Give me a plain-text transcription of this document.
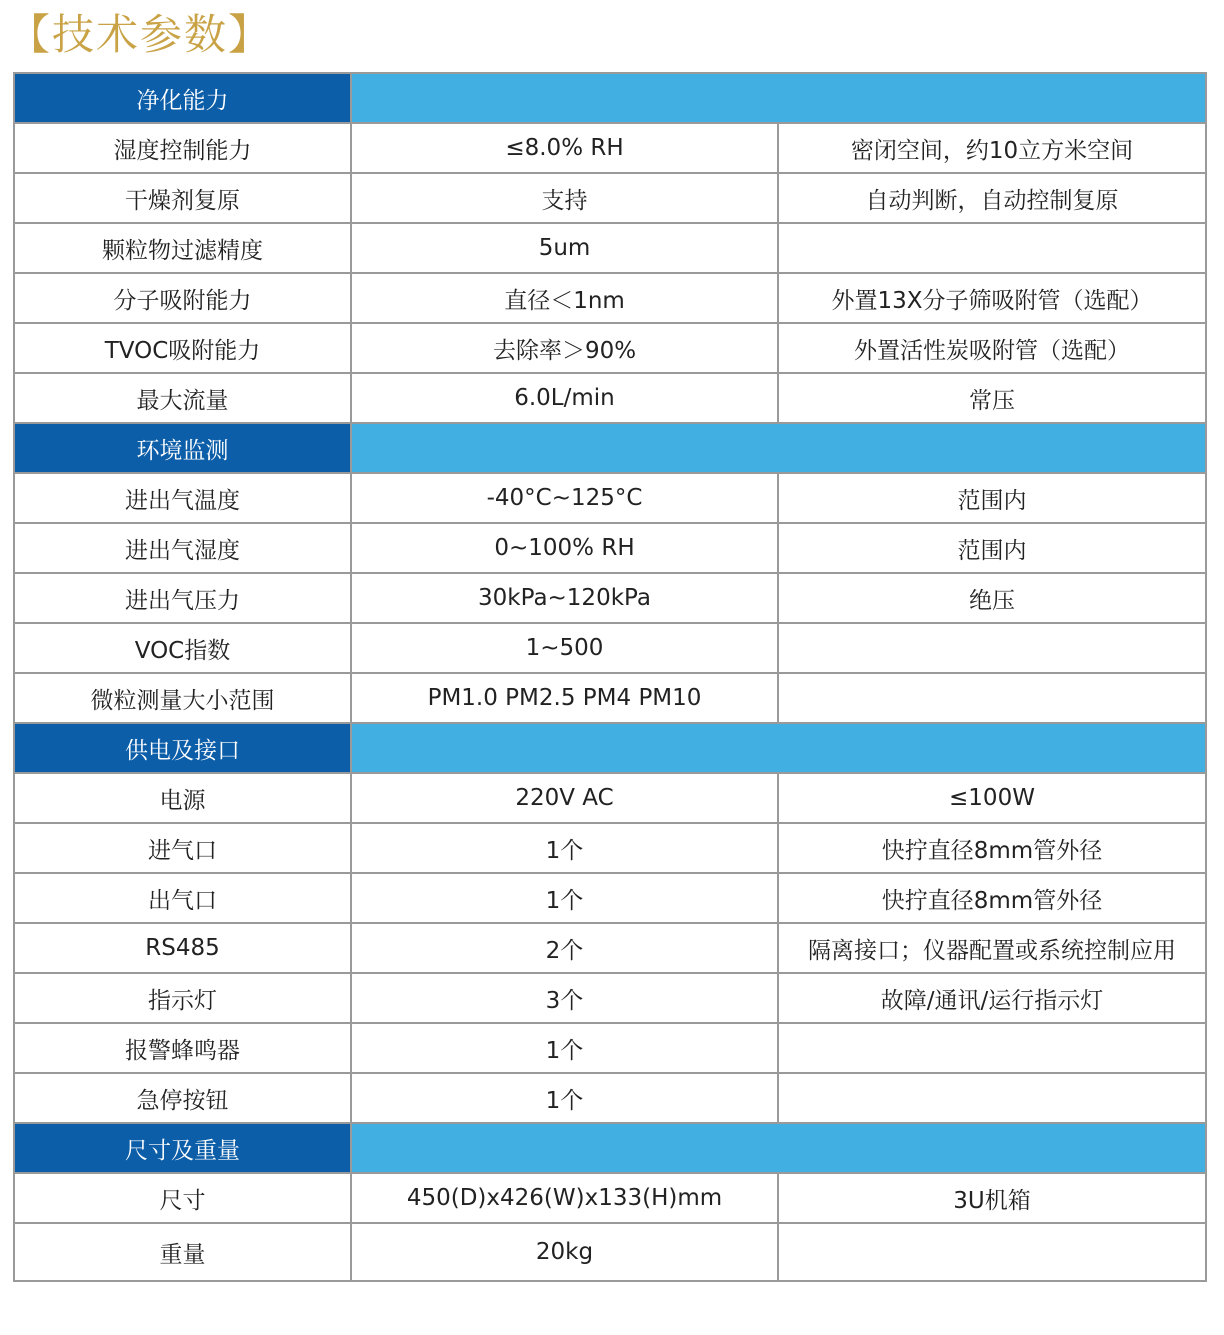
【技术参数】
净化能力		
湿度控制能力	≤8.0% RH	密闭空间，约10立方米空间
干燥剂复原	支持	自动判断，自动控制复原
颗粒物过滤精度	5um	
分子吸附能力	直径＜1nm	外置13X分子筛吸附管（选配）
TVOC吸附能力	去除率＞90%	外置活性炭吸附管（选配）
最大流量	6.0L/min	常压
环境监测		
进出气温度	-40°C~125°C	范围内
进出气湿度	0~100% RH	范围内
进出气压力	30kPa~120kPa	绝压
VOC指数	1~500	
微粒测量大小范围	PM1.0 PM2.5 PM4 PM10	
供电及接口		
电源	220V AC	≤100W
进气口	1个	快拧直径8mm管外径
出气口	1个	快拧直径8mm管外径
RS485	2个	隔离接口；仪器配置或系统控制应用
指示灯	3个	故障/通讯/运行指示灯
报警蜂鸣器	1个	
急停按钮	1个	
尺寸及重量		
尺寸	450(D)x426(W)x133(H)mm	3U机箱
重量	20kg	
